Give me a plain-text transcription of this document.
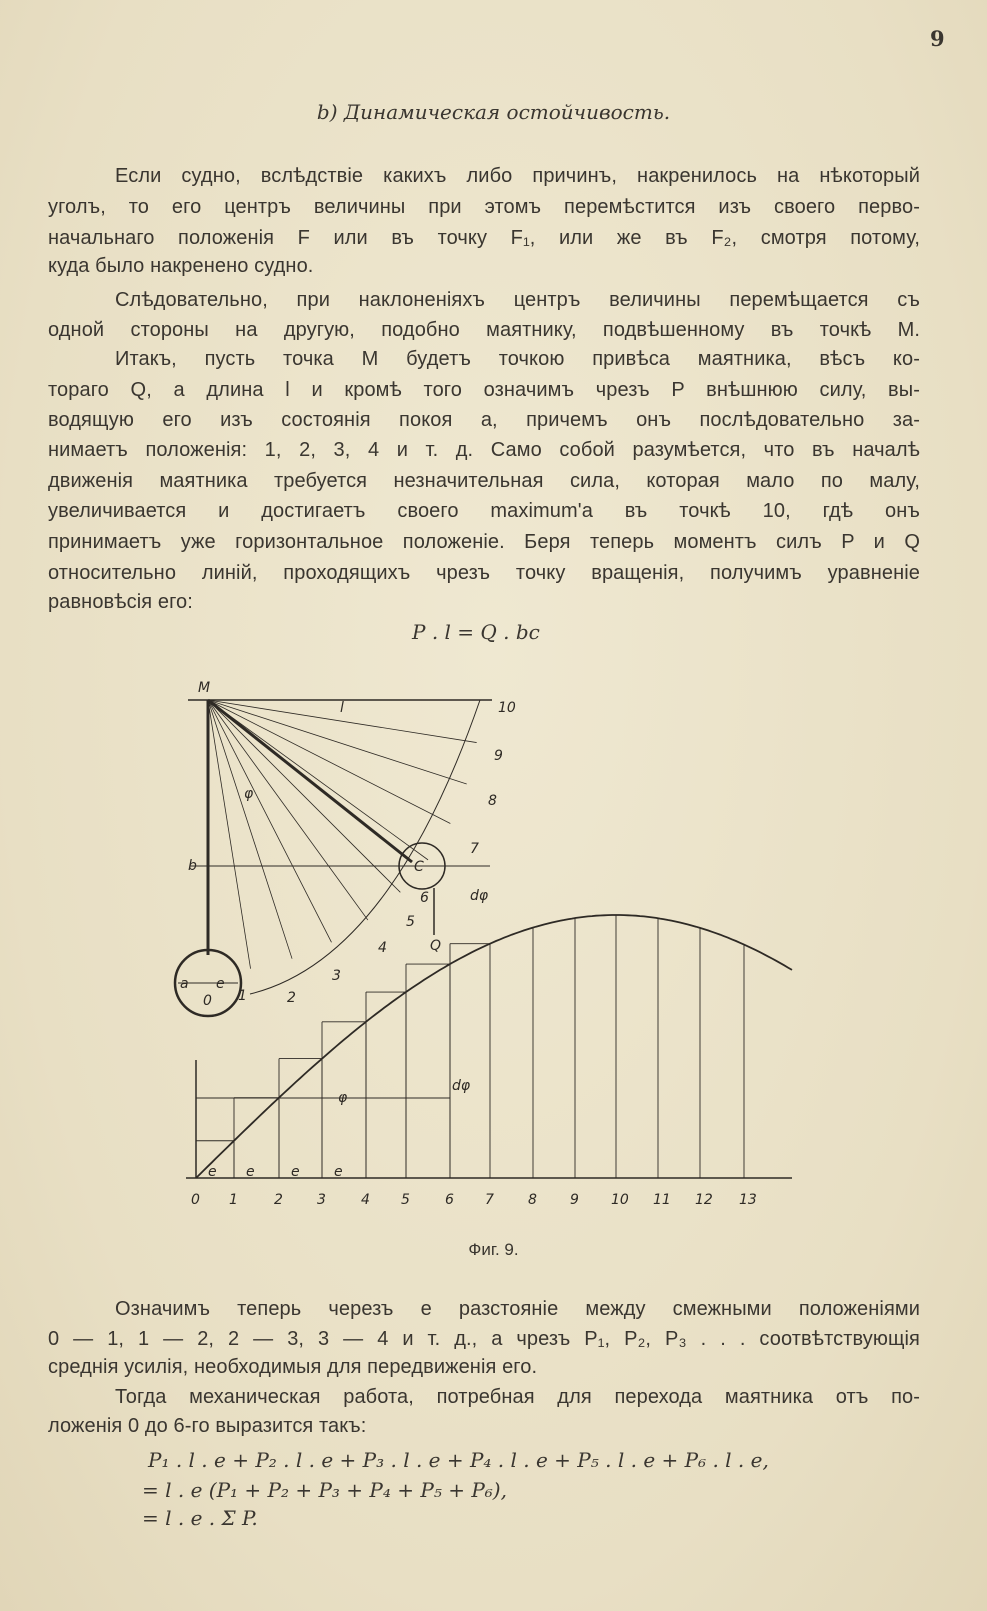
9
b) Динамическая остойчивость.
Если судно, вслѣдствіе какихъ либо причинъ, накренилось на нѣкоторый
уголъ, то его центръ величины при этомъ перемѣстится изъ своего перво-
начальнаго положенія F или въ точку F₁, или же въ F₂, смотря потому,
куда было накренено судно.
Слѣдовательно, при наклоненіяхъ центръ величины перемѣщается съ
одной стороны на другую, подобно маятнику, подвѣшенному въ точкѣ M.
Итакъ, пусть точка M будетъ точкою привѣса маятника, вѣсъ ко-
тораго Q, а длина l и кромѣ того означимъ чрезъ P внѣшнюю силу, вы-
водящую его изъ состоянія покоя a, причемъ онъ послѣдовательно за-
нимаетъ положенія: 1, 2, 3, 4 и т. д. Само собой разумѣется, что въ началѣ
движенія маятника требуется незначительная сила, которая мало по малу,
увеличивается и достигаетъ своего maximum'a въ точкѣ 10, гдѣ онъ
принимаетъ уже горизонтальное положеніе. Беря теперь моментъ силъ P и Q
относительно линій, проходящихъ чрезъ точку вращенія, получимъ уравненіе
равновѣсія его:
P . l = Q . bc
M
l
0 1	2
3
4
5
6
7
8
9
10
C
b
Q
φ
dφ
a e
0 1	2 3	4 5	6 7 8 9 10 11 12 13
φ
dφ
e e	e e
Фиг. 9.
Означимъ теперь черезъ e разстояніе между смежными положеніями
0 — 1, 1 — 2, 2 — 3, 3 — 4 и т. д., а чрезъ P₁, P₂, P₃ . . . соотвѣтствующія
среднія усилія, необходимыя для передвиженія его.
Тогда механическая работа, потребная для перехода маятника отъ по-
ложенія 0 до 6-го выразится такъ:
P₁ . l . e + P₂ . l . e + P₃ . l . e + P₄ . l . e + P₅ . l . e + P₆ . l . e,
= l . e (P₁ + P₂ + P₃ + P₄ + P₅ + P₆),
= l . e . Σ P.
